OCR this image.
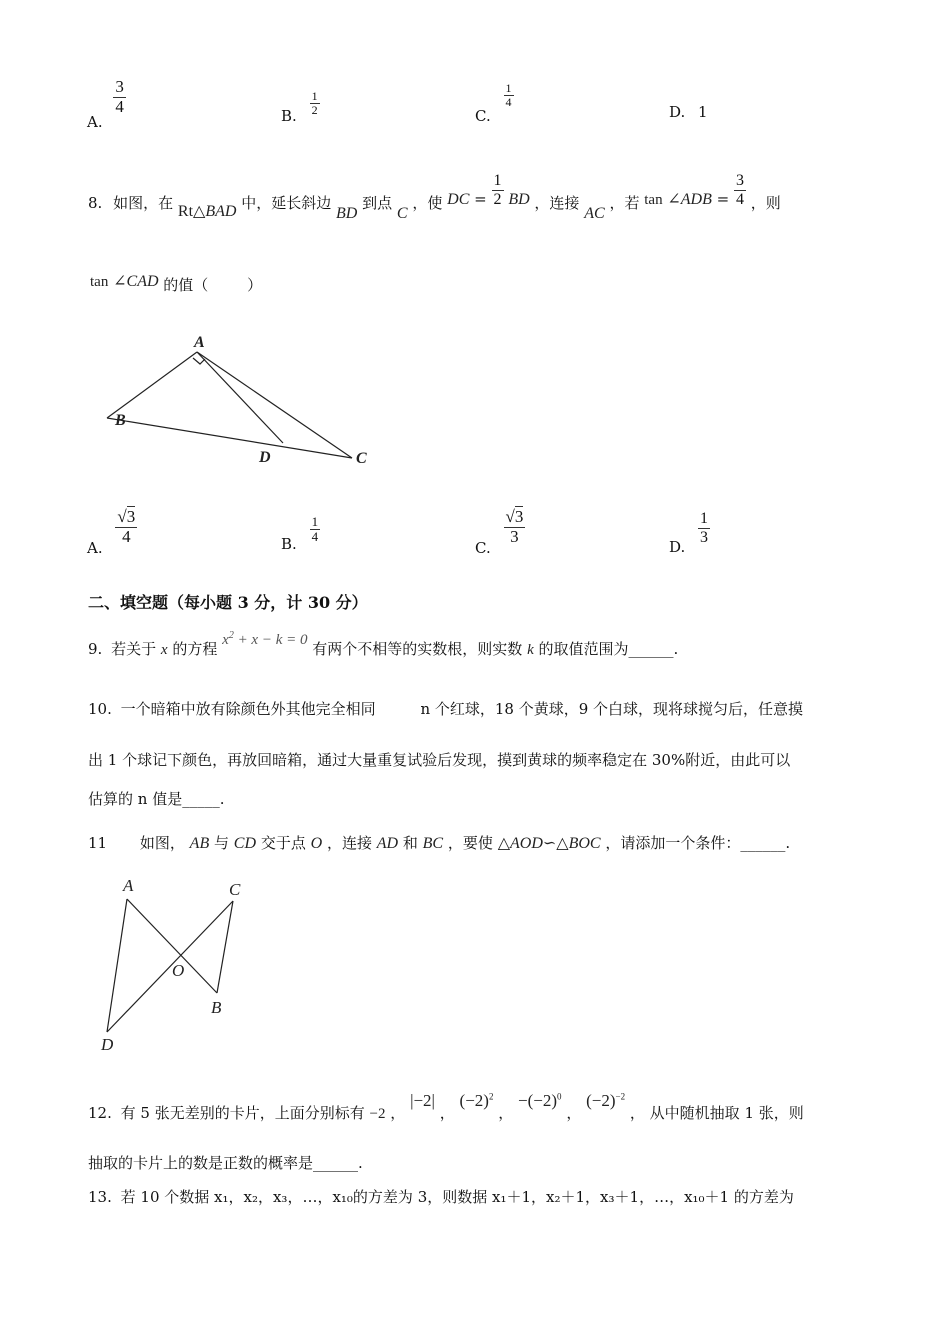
A.
$\frac{3}{4}$	B. $\frac{1}{2}$	C.
$\frac{1}{4}$
D. 1
8. 如图，在 Rt△BAD 中，延长斜边 BD 到点 C ，使 DC = $\frac{1}{2}$ BD ，连接 AC ，若 tan ∠ADB = $\frac{3}{4}$ ，则
tan ∠CAD 的值（	）
A
B
D	C
A.
$\frac{√3}{4}$	B. $\frac{1}{4}$
C.
$\frac{√3}{3}$
D.
$\frac{1}{3}$
二、填空题（每小题 3 分，计 30 分）
9. 若关于 x 的方程 $x^2 + x - k = 0$ 有两个不相等的实数根，则实数 k 的取值范围为______.
10. 一个暗箱中放有除颜色外其他完全相同	n 个红球，18 个黄球，9 个白球，现将球搅匀后，任意摸
出 1 个球记下颜色，再放回暗箱，通过大量重复试验后发现，摸到黄球的频率稳定在 30%附近，由此可以
估算的 n 值是_____.
11 如图， AB 与 CD 交于点 O ，连接 AD 和 BC ，要使 △AOD∽△BOC ，请添加一个条件：______.
A	C
O
B
D
12. 有 5 张无差别的卡片，上面分别标有 −2 ， |−2| ， $(-2)^2$ ， $-(-2)^0$ ， $(-2)^{-2}$ ， 从中随机抽取 1 张，则
抽取的卡片上的数是正数的概率是______.
13. 若 10 个数据 x₁，x₂，x₃，…，x₁₀的方差为 3，则数据 x₁＋1，x₂＋1，x₃＋1，…，x₁₀＋1 的方差为
